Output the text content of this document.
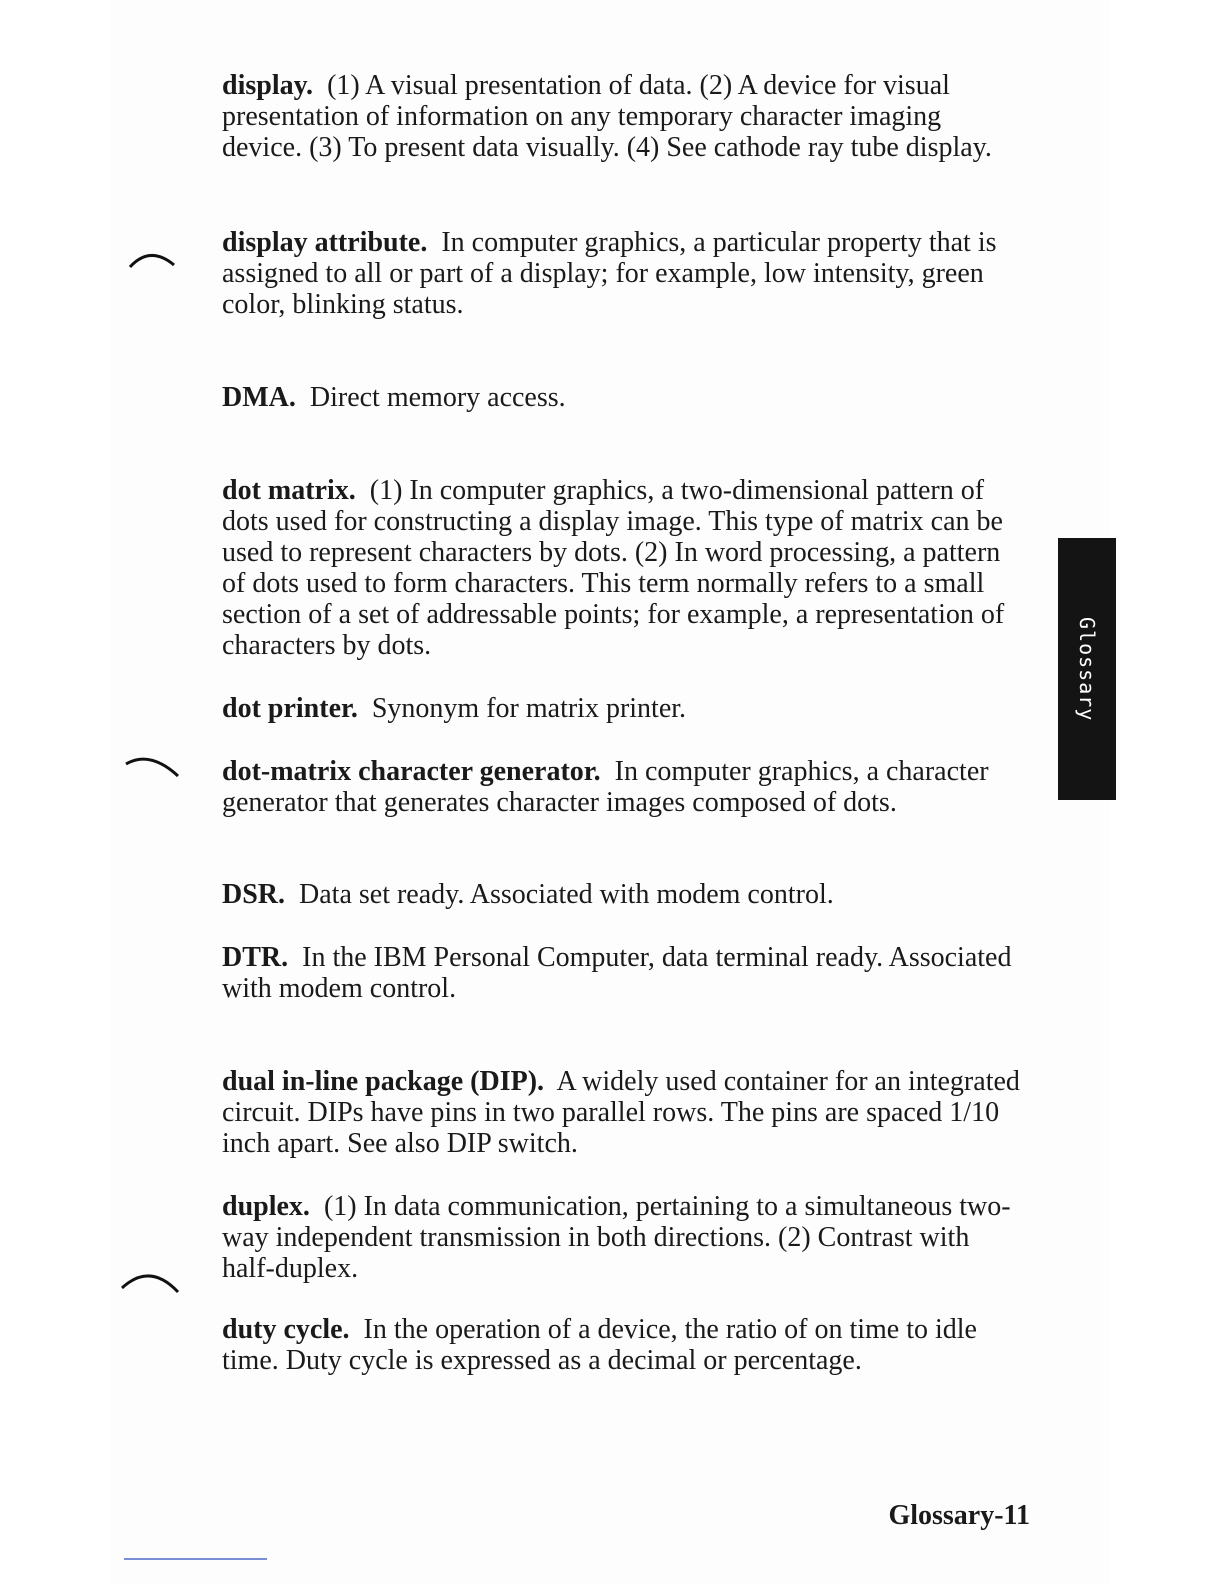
display. (1) A visual presentation of data. (2) A device for visual presentation of information on any temporary character imaging device. (3) To present data visually. (4) See cathode ray tube display.

display attribute. In computer graphics, a particular property that is assigned to all or part of a display; for example, low intensity, green color, blinking status.

DMA. Direct memory access.

dot matrix. (1) In computer graphics, a two-dimensional pattern of dots used for constructing a display image. This type of matrix can be used to represent characters by dots. (2) In word processing, a pattern of dots used to form characters. This term normally refers to a small section of a set of addressable points; for example, a representation of characters by dots.

dot printer. Synonym for matrix printer.

dot-matrix character generator. In computer graphics, a character generator that generates character images composed of dots.

DSR. Data set ready. Associated with modem control.

DTR. In the IBM Personal Computer, data terminal ready. Associated with modem control.

dual in-line package (DIP). A widely used container for an integrated circuit. DIPs have pins in two parallel rows. The pins are spaced 1/10 inch apart. See also DIP switch.

duplex. (1) In data communication, pertaining to a simultaneous two-way independent transmission in both directions. (2) Contrast with half-duplex.

duty cycle. In the operation of a device, the ratio of on time to idle time. Duty cycle is expressed as a decimal or percentage.

Glossary
Glossary-11
